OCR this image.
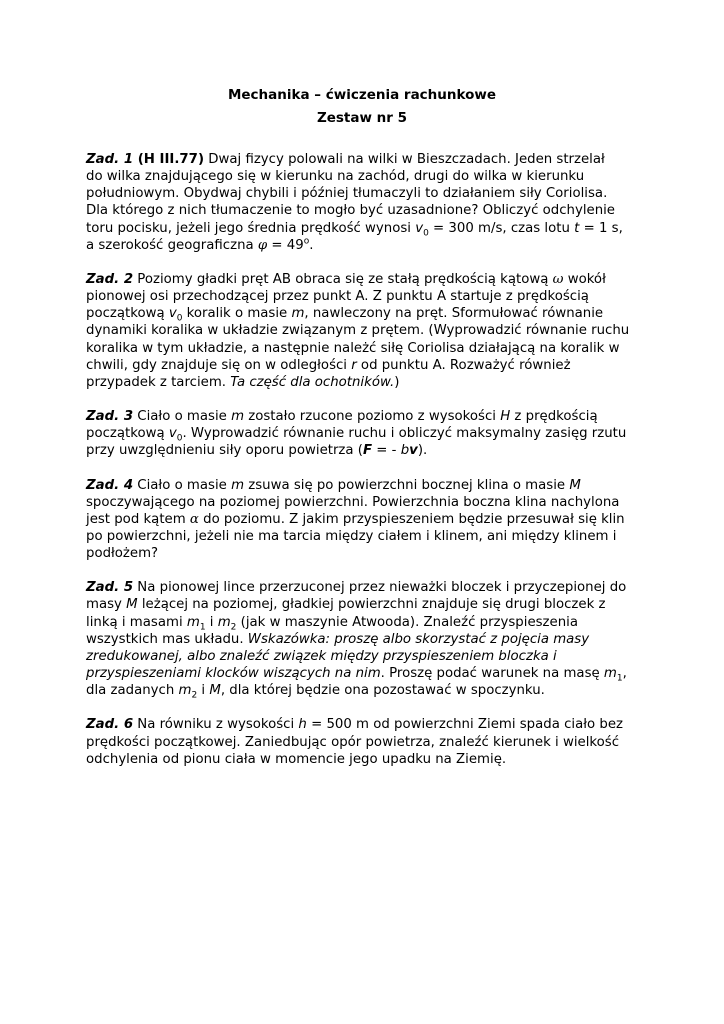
Mechanika – ćwiczenia rachunkowe
Zestaw nr 5
Zad. 1 (H III.77) Dwaj fizycy polowali na wilki w Bieszczadach. Jeden strzelał
do wilka znajdującego się w kierunku na zachód, drugi do wilka w kierunku
południowym. Obydwaj chybili i później tłumaczyli to działaniem siły Coriolisa.
Dla którego z nich tłumaczenie to mogło być uzasadnione? Obliczyć odchylenie
toru pocisku, jeżeli jego średnia prędkość wynosi $v_0 = 300$ m/s, czas lotu t = 1 s,
a szerokość geograficzna $\varphi = 49^o$.
Zad. 2 Poziomy gładki pręt AB obraca się ze stałą prędkością kątową ω wokół
pionowej osi przechodzącej przez punkt A. Z punktu A startuje z prędkością
początkową $v_0$ koralik o masie m, nawleczony na pręt. Sformułować równanie
dynamiki koralika w układzie związanym z prętem. (Wyprowadzić równanie ruchu
koralika w tym układzie, a następnie należć siłę Coriolisa działającą na koralik w
chwili, gdy znajduje się on w odległości r od punktu A. Rozważyć również
przypadek z tarciem. Ta część dla ochotników.)
Zad. 3 Ciało o masie m zostało rzucone poziomo z wysokości H z prędkością
początkową $v_0$. Wyprowadzić równanie ruchu i obliczyć maksymalny zasięg rzutu
przy uwzględnieniu siły oporu powietrza (F = - bv).
Zad. 4 Ciało o masie m zsuwa się po powierzchni bocznej klina o masie M
spoczywającego na poziomej powierzchni. Powierzchnia boczna klina nachylona
jest pod kątem α do poziomu. Z jakim przyspieszeniem będzie przesuwał się klin
po powierzchni, jeżeli nie ma tarcia między ciałem i klinem, ani między klinem i
podłożem?
Zad. 5 Na pionowej lince przerzuconej przez nieważki bloczek i przyczepionej do
masy M leżącej na poziomej, gładkiej powierzchni znajduje się drugi bloczek z
linką i masami $m_1$ i $m_2$ (jak w maszynie Atwooda). Znaleźć przyspieszenia
wszystkich mas układu. Wskazówka: proszę albo skorzystać z pojęcia masy
zredukowanej, albo znaleźć związek między przyspieszeniem bloczka i
przyspieszeniami klocków wiszących na nim. Proszę podać warunek na masę $m_1$,
dla zadanych $m_2$ i M, dla której będzie ona pozostawać w spoczynku.
Zad. 6 Na równiku z wysokości h = 500 m od powierzchni Ziemi spada ciało bez
prędkości początkowej. Zaniedbując opór powietrza, znaleźć kierunek i wielkość
odchylenia od pionu ciała w momencie jego upadku na Ziemię.
